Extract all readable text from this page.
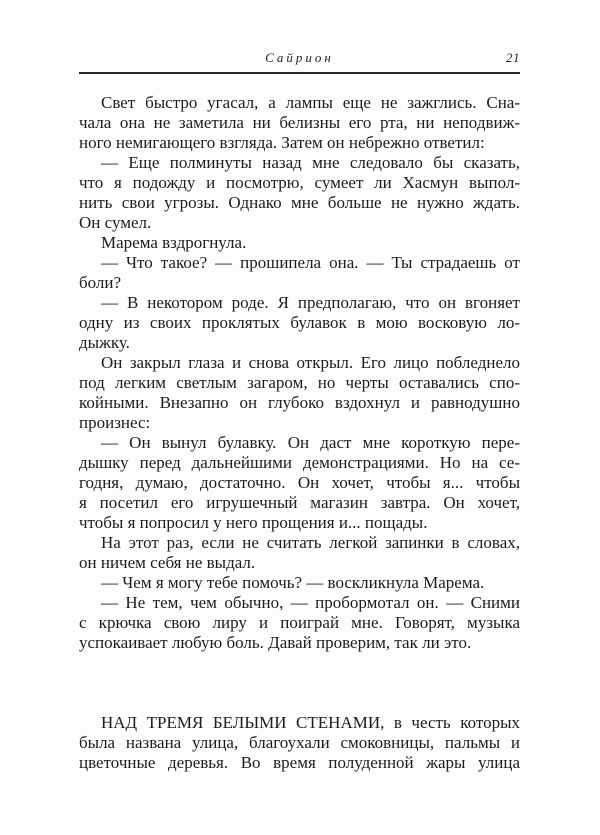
Сайрион	21
Свет быстро угасал, а лампы еще не зажглись. Сна-
чала она не заметила ни белизны его рта, ни неподвиж-
ного немигающего взгляда. Затем он небрежно ответил:
— Еще полминуты назад мне следовало бы сказать,
что я подожду и посмотрю, сумеет ли Хасмун выпол-
нить свои угрозы. Однако мне больше не нужно ждать.
Он сумел.
Марема вздрогнула.
— Что такое? — прошипела она. — Ты страдаешь от
боли?
— В некотором роде. Я предполагаю, что он вгоняет
одну из своих проклятых булавок в мою восковую ло-
дыжку.
Он закрыл глаза и снова открыл. Его лицо побледнело
под легким светлым загаром, но черты оставались спо-
койными. Внезапно он глубоко вздохнул и равнодушно
произнес:
— Он вынул булавку. Он даст мне короткую пере-
дышку перед дальнейшими демонстрациями. Но на се-
годня, думаю, достаточно. Он хочет, чтобы я... чтобы
я посетил его игрушечный магазин завтра. Он хочет,
чтобы я попросил у него прощения и... пощады.
На этот раз, если не считать легкой запинки в словах,
он ничем себя не выдал.
— Чем я могу тебе помочь? — воскликнула Марема.
— Не тем, чем обычно, — пробормотал он. — Сними
с крючка свою лиру и поиграй мне. Говорят, музыка
успокаивает любую боль. Давай проверим, так ли это.
НАД ТРЕМЯ БЕЛЫМИ СТЕНАМИ, в честь которых
была названа улица, благоухали смоковницы, пальмы и
цветочные деревья. Во время полуденной жары улица
